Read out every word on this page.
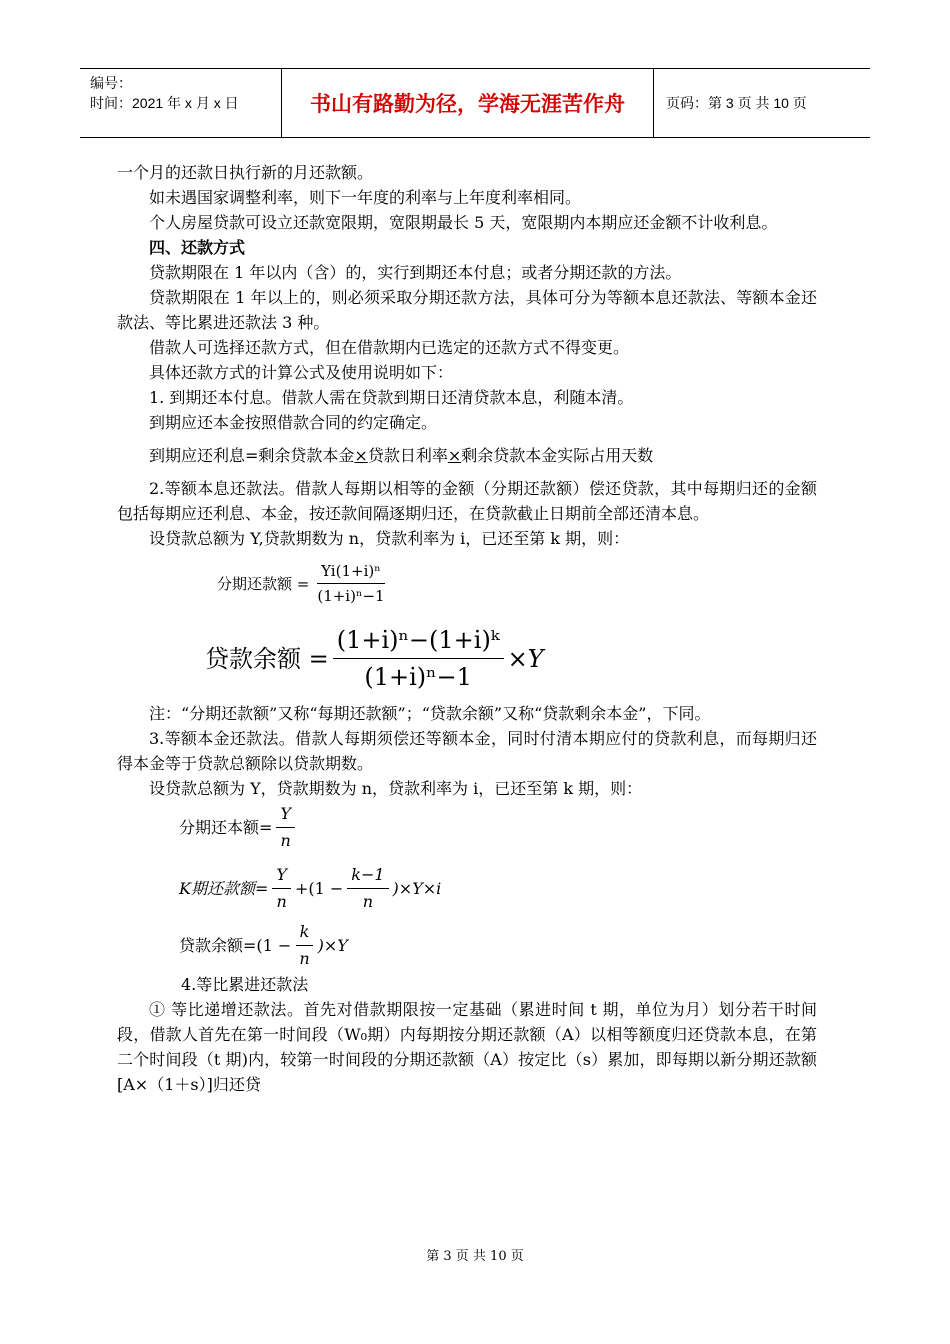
编号：
时间：2021 年 x 月 x 日	书山有路勤为径，学海无涯苦作舟	页码：第 3 页 共 10 页

一个月的还款日执行新的月还款额。

如未遇国家调整利率，则下一年度的利率与上年度利率相同。

个人房屋贷款可设立还款宽限期，宽限期最长 5 天，宽限期内本期应还金额不计收利息。

四、还款方式

贷款期限在 1 年以内（含）的，实行到期还本付息；或者分期还款的方法。

贷款期限在 1 年以上的，则必须采取分期还款方法，具体可分为等额本息还款法、等额本金还款法、等比累进还款法 3 种。

借款人可选择还款方式，但在借款期内已选定的还款方式不得变更。

具体还款方式的计算公式及使用说明如下：

1. 到期还本付息。借款人需在贷款到期日还清贷款本息，利随本清。

到期应还本金按照借款合同的约定确定。

到期应还利息=剩余贷款本金×贷款日利率×剩余贷款本金实际占用天数

2.等额本息还款法。借款人每期以相等的金额（分期还款额）偿还贷款，其中每期归还的金额包括每期应还利息、本金，按还款间隔逐期归还，在贷款截止日期前全部还清本息。

设贷款总额为 Y,贷款期数为 n，贷款利率为 i，已还至第 k 期，则：

分期还款额 = $\frac{\text{Yi(1+i)ⁿ}}{\text{(1+i)ⁿ−1}}$
贷款余额 = $\frac{\text{(1+i)ⁿ−(1+i)ᵏ}}{\text{(1+i)ⁿ−1}} \times Y$

注：“分期还款额”又称“每期还款额”；“贷款余额”又称“贷款剩余本金”，下同。

3.等额本金还款法。借款人每期须偿还等额本金，同时付清本期应付的贷款利息，而每期归还得本金等于贷款总额除以贷款期数。

设贷款总额为 Y，贷款期数为 n，贷款利率为 i，已还至第 k 期，则：

分期还本额= $\frac{Y}{n}$
K期还款额= $\frac{Y}{n} +(1 - \frac{k-1}{n} )\times Y\times i$
贷款余额$=(1 - \frac{k}{n} )\times Y$

4.等比累进还款法

① 等比递增还款法。首先对借款期限按一定基础（累进时间 t 期，单位为月）划分若干时间段，借款人首先在第一时间段（W₀期）内每期按分期还款额（A）以相等额度归还贷款本息，在第二个时间段（t 期)内，较第一时间段的分期还款额（A）按定比（s）累加，即每期以新分期还款额[A×（1＋s）]归还贷

第 3 页 共 10 页
